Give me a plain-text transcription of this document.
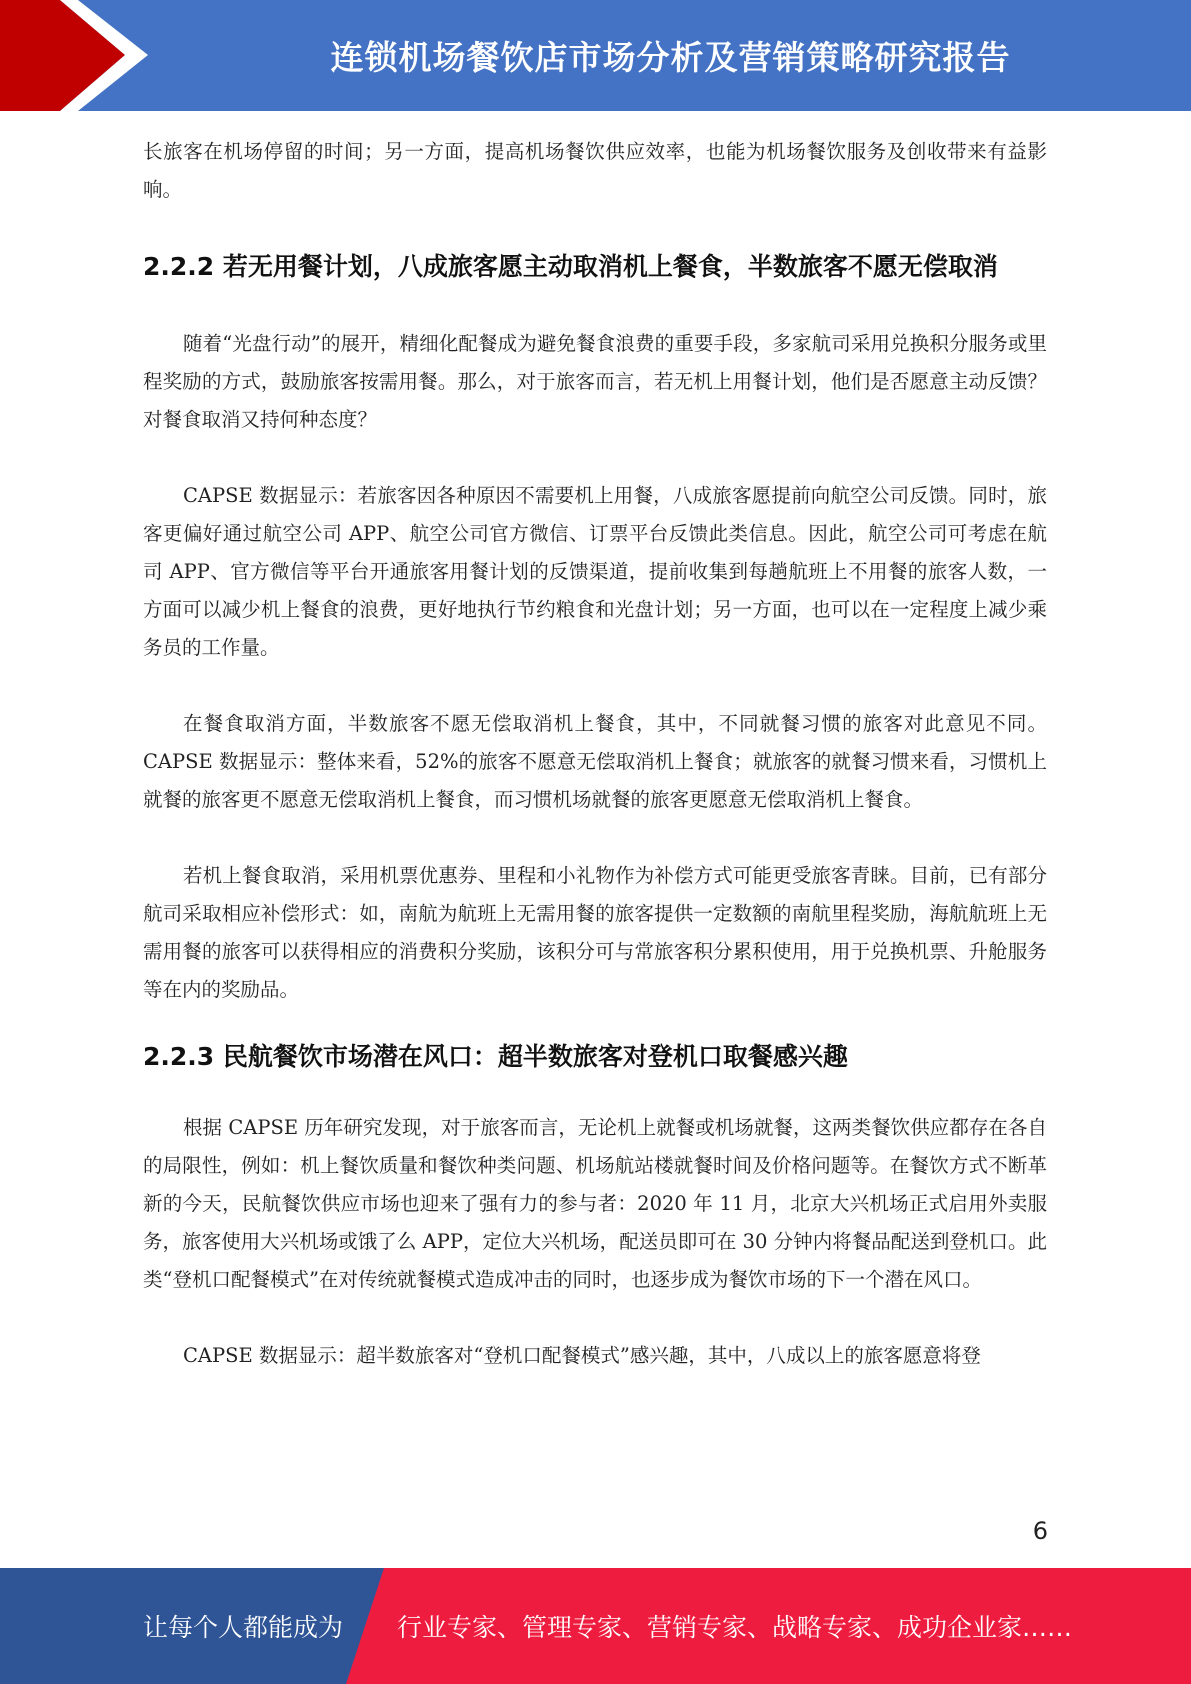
连锁机场餐饮店市场分析及营销策略研究报告

长旅客在机场停留的时间；另一方面，提高机场餐饮供应效率，也能为机场餐饮服务及创收带来有益影响。

2.2.2 若无用餐计划，八成旅客愿主动取消机上餐食，半数旅客不愿无偿取消

随着“光盘行动”的展开，精细化配餐成为避免餐食浪费的重要手段，多家航司采用兑换积分服务或里程奖励的方式，鼓励旅客按需用餐。那么，对于旅客而言，若无机上用餐计划，他们是否愿意主动反馈？对餐食取消又持何种态度？

CAPSE 数据显示：若旅客因各种原因不需要机上用餐，八成旅客愿提前向航空公司反馈。同时，旅客更偏好通过航空公司 APP、航空公司官方微信、订票平台反馈此类信息。因此，航空公司可考虑在航司 APP、官方微信等平台开通旅客用餐计划的反馈渠道，提前收集到每趟航班上不用餐的旅客人数，一方面可以减少机上餐食的浪费，更好地执行节约粮食和光盘计划；另一方面，也可以在一定程度上减少乘务员的工作量。

在餐食取消方面，半数旅客不愿无偿取消机上餐食，其中，不同就餐习惯的旅客对此意见不同。CAPSE 数据显示：整体来看，52%的旅客不愿意无偿取消机上餐食；就旅客的就餐习惯来看，习惯机上就餐的旅客更不愿意无偿取消机上餐食，而习惯机场就餐的旅客更愿意无偿取消机上餐食。

若机上餐食取消，采用机票优惠券、里程和小礼物作为补偿方式可能更受旅客青睐。目前，已有部分航司采取相应补偿形式：如，南航为航班上无需用餐的旅客提供一定数额的南航里程奖励，海航航班上无需用餐的旅客可以获得相应的消费积分奖励，该积分可与常旅客积分累积使用，用于兑换机票、升舱服务等在内的奖励品。

2.2.3 民航餐饮市场潜在风口：超半数旅客对登机口取餐感兴趣

根据 CAPSE 历年研究发现，对于旅客而言，无论机上就餐或机场就餐，这两类餐饮供应都存在各自的局限性，例如：机上餐饮质量和餐饮种类问题、机场航站楼就餐时间及价格问题等。在餐饮方式不断革新的今天，民航餐饮供应市场也迎来了强有力的参与者：2020 年 11 月，北京大兴机场正式启用外卖服务，旅客使用大兴机场或饿了么 APP，定位大兴机场，配送员即可在 30 分钟内将餐品配送到登机口。此类“登机口配餐模式”在对传统就餐模式造成冲击的同时，也逐步成为餐饮市场的下一个潜在风口。

CAPSE 数据显示：超半数旅客对“登机口配餐模式”感兴趣，其中，八成以上的旅客愿意将登

6
让每个人都能成为 行业专家、管理专家、营销专家、战略专家、成功企业家……
